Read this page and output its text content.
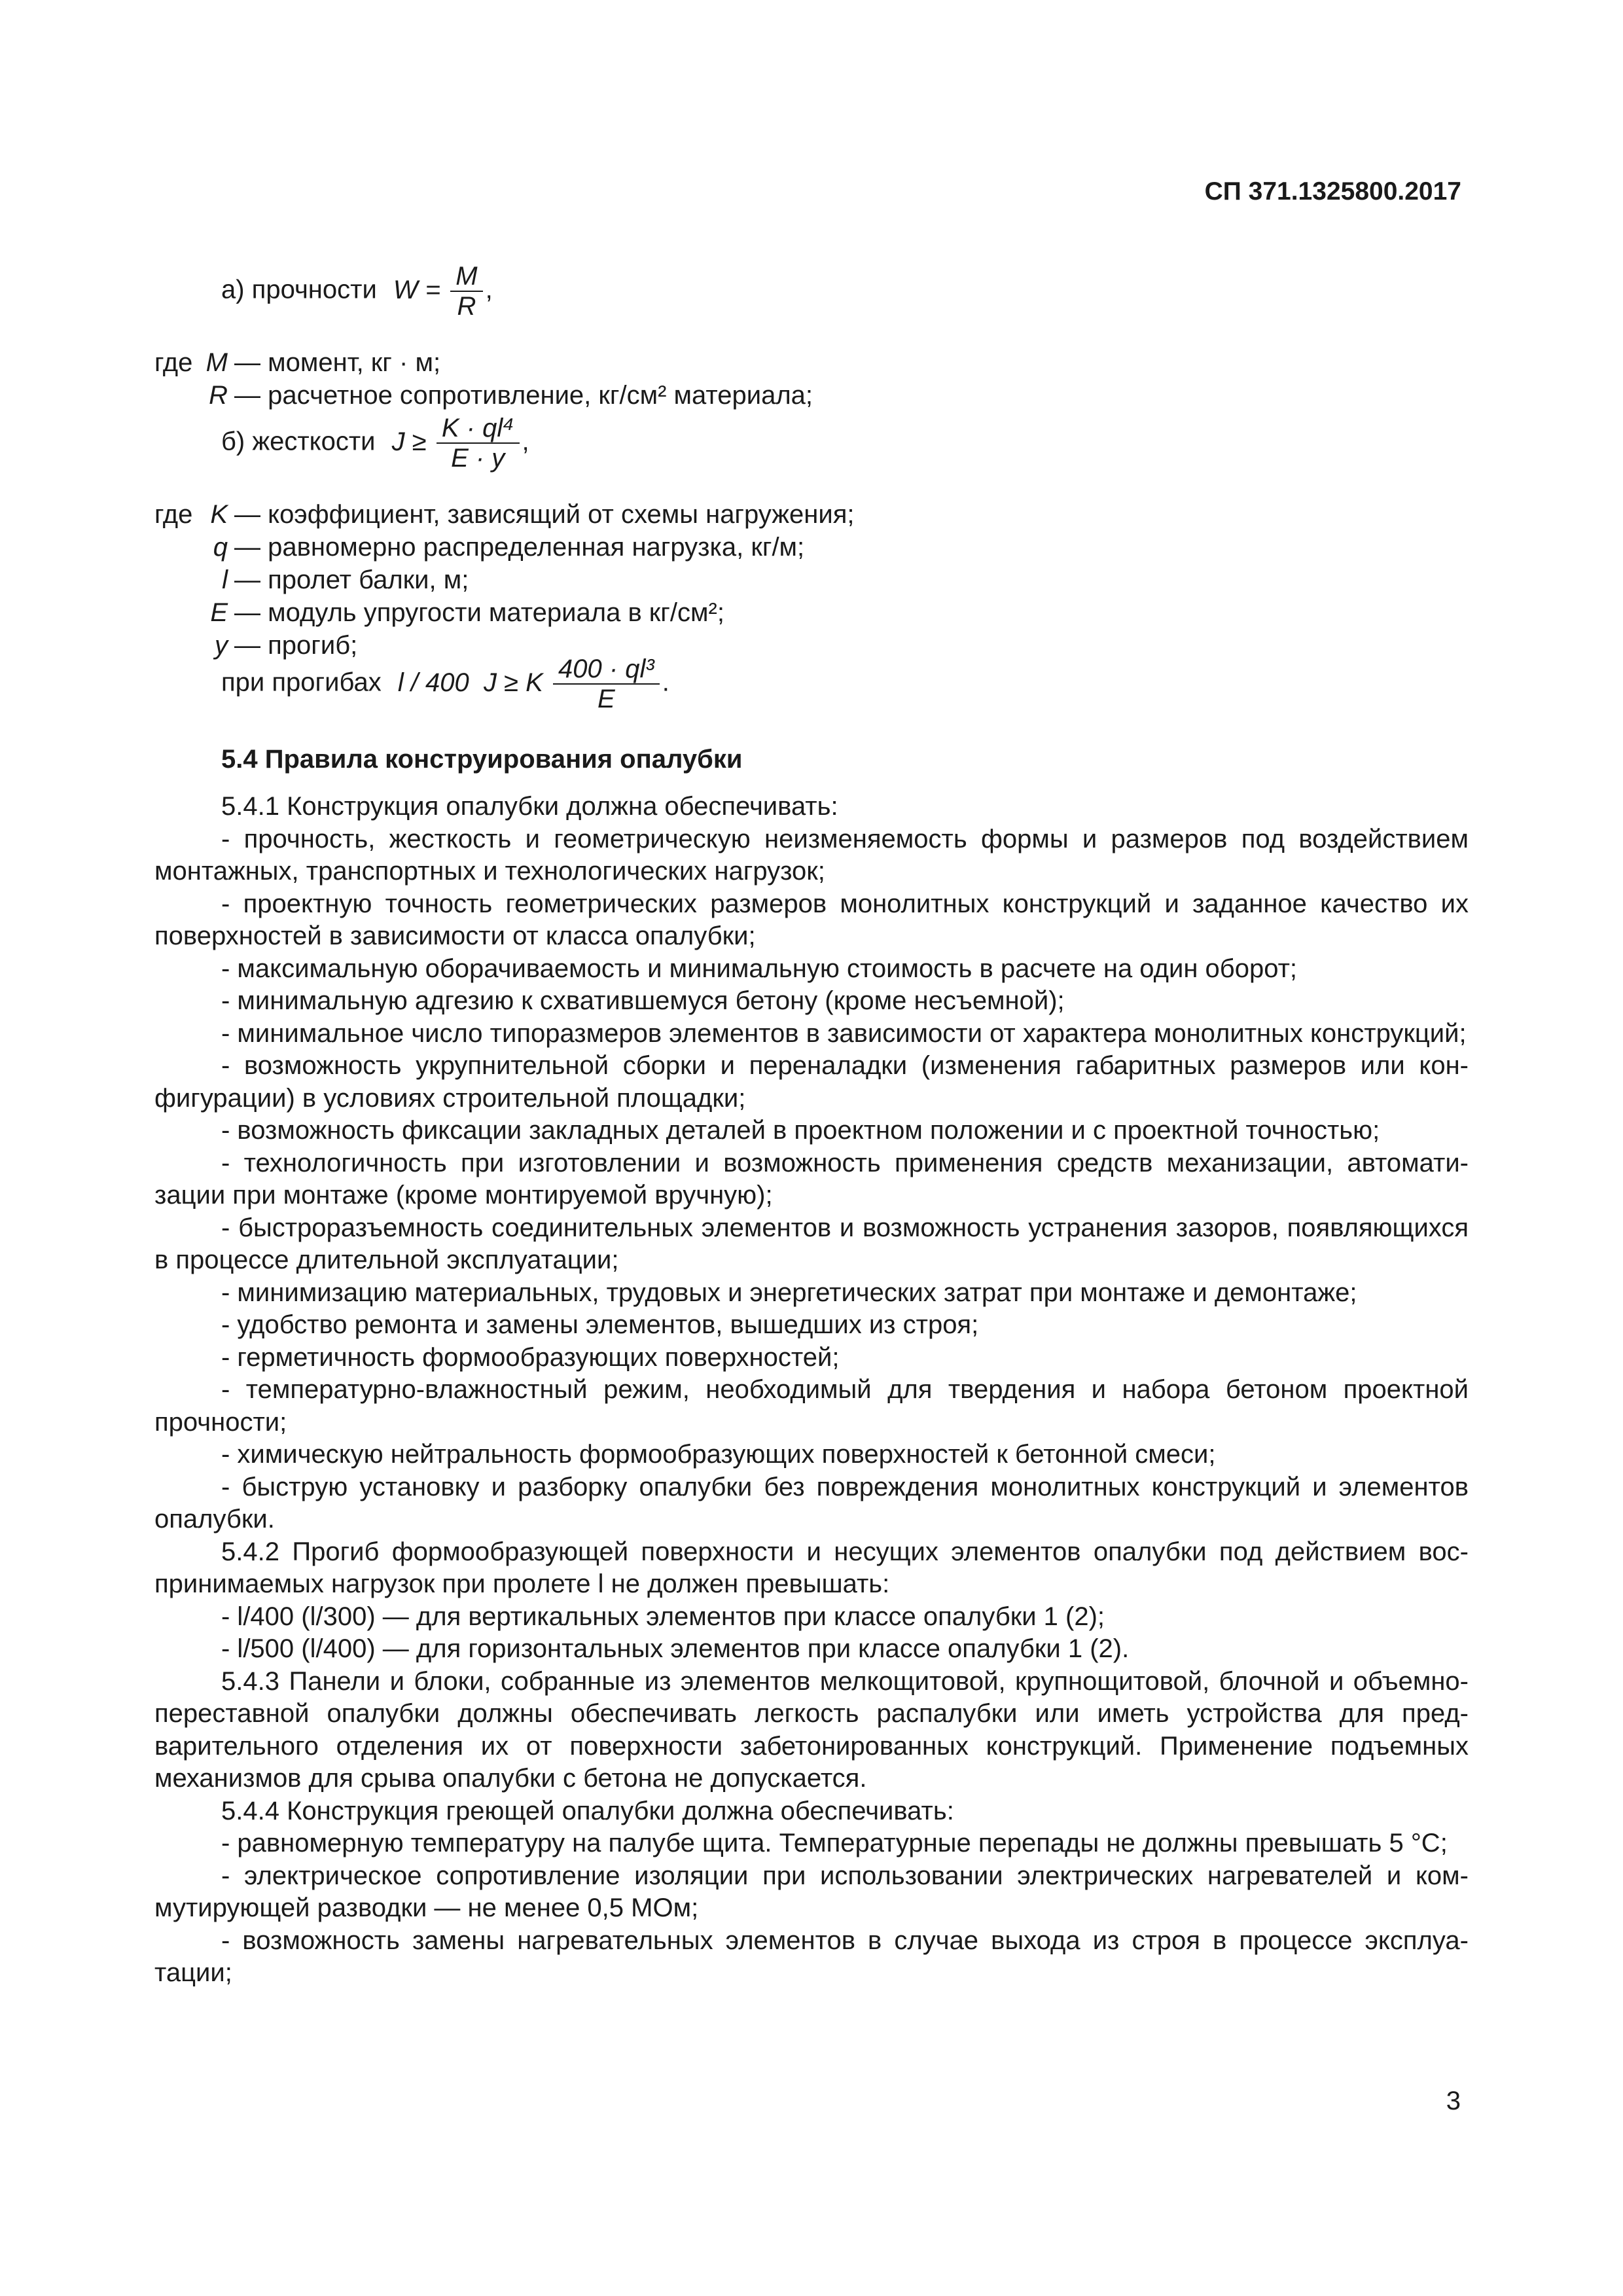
СП 371.1325800.2017
а) прочности $W = \frac{M}{R}$ ,
где M — момент, кг · м;
R — расчетное сопротивление, кг/см² материала;
б) жесткости $J \ge \frac{\text{K · ql⁴}}{E \cdot y}$ ,
где K — коэффициент, зависящий от схемы нагружения;
q — равномерно распределенная нагрузка, кг/м;
l — пролет балки, м;
E — модуль упругости материала в кг/см²;
y — прогиб;
при прогибах l / 400  J ≥ K $\frac{\text{400 · ql³}}{E}$ .
5.4 Правила конструирования опалубки

5.4.1 Конструкция опалубки должна обеспечивать:

- прочность, жесткость и геометрическую неизменяемость формы и размеров под воздействием монтажных, транспортных и технологических нагрузок;

- проектную точность геометрических размеров монолитных конструкций и заданное качество их поверхностей в зависимости от класса опалубки;

- максимальную оборачиваемость и минимальную стоимость в расчете на один оборот;

- минимальную адгезию к схватившемуся бетону (кроме несъемной);

- минимальное число типоразмеров элементов в зависимости от характера монолитных конструкций;

- возможность укрупнительной сборки и переналадки (изменения габаритных размеров или конфигурации) в условиях строительной площадки;

- возможность фиксации закладных деталей в проектном положении и с проектной точностью;

- технологичность при изготовлении и возможность применения средств механизации, автоматизации при монтаже (кроме монтируемой вручную);

- быстроразъемность соединительных элементов и возможность устранения зазоров, появляющихся в процессе длительной эксплуатации;

- минимизацию материальных, трудовых и энергетических затрат при монтаже и демонтаже;

- удобство ремонта и замены элементов, вышедших из строя;

- герметичность формообразующих поверхностей;

- температурно-влажностный режим, необходимый для твердения и набора бетоном проектной прочности;

- химическую нейтральность формообразующих поверхностей к бетонной смеси;

- быструю установку и разборку опалубки без повреждения монолитных конструкций и элементов опалубки.

5.4.2 Прогиб формообразующей поверхности и несущих элементов опалубки под действием воспринимаемых нагрузок при пролете l не должен превышать:

- l/400 (l/300) — для вертикальных элементов при классе опалубки 1 (2);

- l/500 (l/400) — для горизонтальных элементов при классе опалубки 1 (2).

5.4.3 Панели и блоки, собранные из элементов мелкощитовой, крупнощитовой, блочной и объемно-переставной опалубки должны обеспечивать легкость распалубки или иметь устройства для предварительного отделения их от поверхности забетонированных конструкций. Применение подъемных механизмов для срыва опалубки с бетона не допускается.

5.4.4 Конструкция греющей опалубки должна обеспечивать:

- равномерную температуру на палубе щита. Температурные перепады не должны превышать 5 °С;

- электрическое сопротивление изоляции при использовании электрических нагревателей и коммутирующей разводки — не менее 0,5 МОм;

- возможность замены нагревательных элементов в случае выхода из строя в процессе эксплуатации;

3
